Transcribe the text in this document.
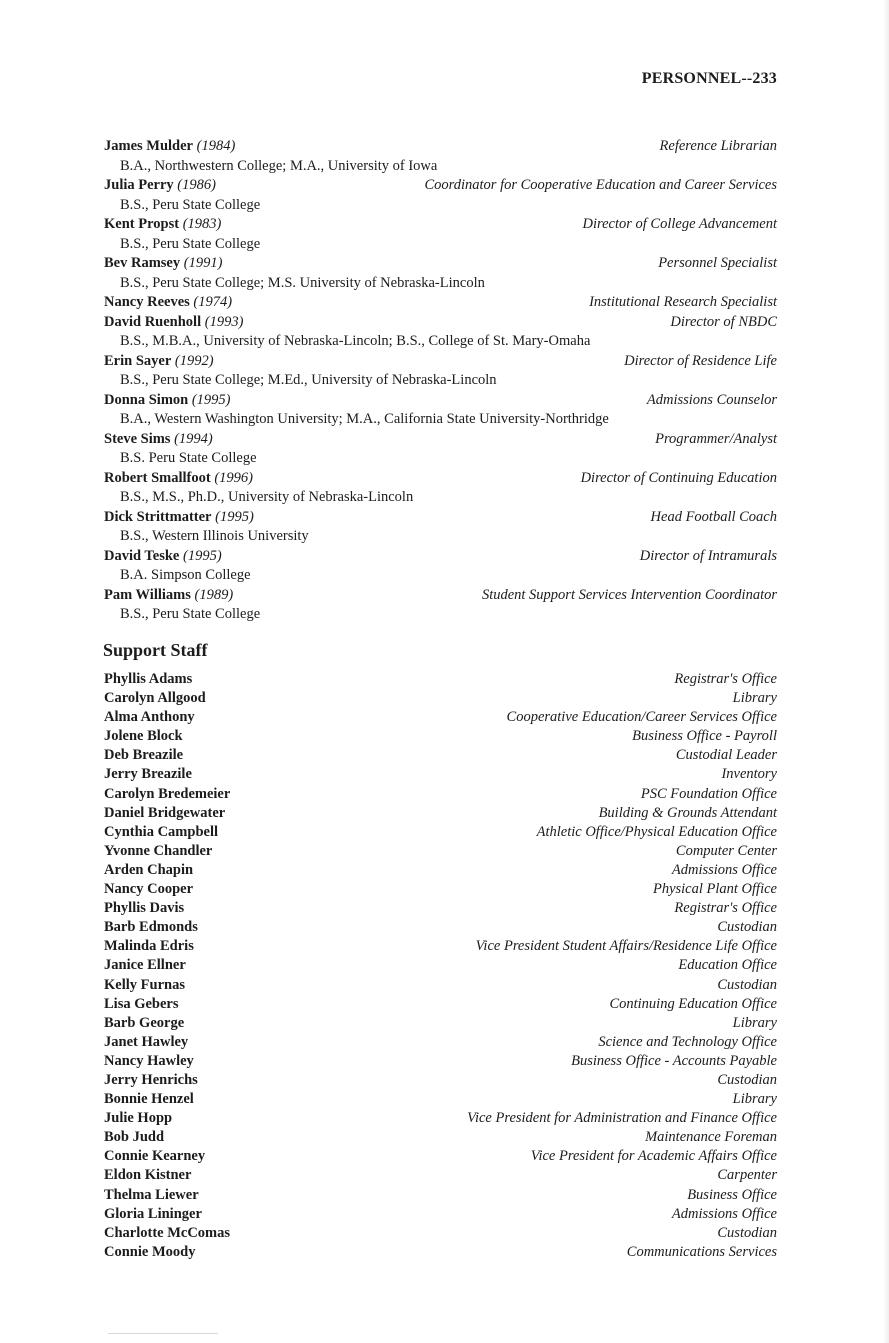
PERSONNEL--233
James Mulder (1984)	Reference Librarian
B.A., Northwestern College; M.A., University of Iowa
Julia Perry (1986)	Coordinator for Cooperative Education and Career Services
B.S., Peru State College
Kent Propst (1983)	Director of College Advancement
B.S., Peru State College
Bev Ramsey (1991)	Personnel Specialist
B.S., Peru State College; M.S. University of Nebraska-Lincoln
Nancy Reeves (1974)	Institutional Research Specialist
David Ruenholl (1993)	Director of NBDC
B.S., M.B.A., University of Nebraska-Lincoln; B.S., College of St. Mary-Omaha
Erin Sayer (1992)	Director of Residence Life
B.S., Peru State College; M.Ed., University of Nebraska-Lincoln
Donna Simon (1995)	Admissions Counselor
B.A., Western Washington University; M.A., California State University-Northridge
Steve Sims (1994)	Programmer/Analyst
B.S. Peru State College
Robert Smallfoot (1996)	Director of Continuing Education
B.S., M.S., Ph.D., University of Nebraska-Lincoln
Dick Strittmatter (1995)	Head Football Coach
B.S., Western Illinois University
David Teske (1995)	Director of Intramurals
B.A. Simpson College
Pam Williams (1989)	Student Support Services Intervention Coordinator
B.S., Peru State College
Support Staff
Phyllis Adams	Registrar's Office
Carolyn Allgood	Library
Alma Anthony	Cooperative Education/Career Services Office
Jolene Block	Business Office - Payroll
Deb Breazile	Custodial Leader
Jerry Breazile	Inventory
Carolyn Bredemeier	PSC Foundation Office
Daniel Bridgewater	Building & Grounds Attendant
Cynthia Campbell	Athletic Office/Physical Education Office
Yvonne Chandler	Computer Center
Arden Chapin	Admissions Office
Nancy Cooper	Physical Plant Office
Phyllis Davis	Registrar's Office
Barb Edmonds	Custodian
Malinda Edris	Vice President Student Affairs/Residence Life Office
Janice Ellner	Education Office
Kelly Furnas	Custodian
Lisa Gebers	Continuing Education Office
Barb George	Library
Janet Hawley	Science and Technology Office
Nancy Hawley	Business Office - Accounts Payable
Jerry Henrichs	Custodian
Bonnie Henzel	Library
Julie Hopp	Vice President for Administration and Finance Office
Bob Judd	Maintenance Foreman
Connie Kearney	Vice President for Academic Affairs Office
Eldon Kistner	Carpenter
Thelma Liewer	Business Office
Gloria Lininger	Admissions Office
Charlotte McComas	Custodian
Connie Moody	Communications Services
